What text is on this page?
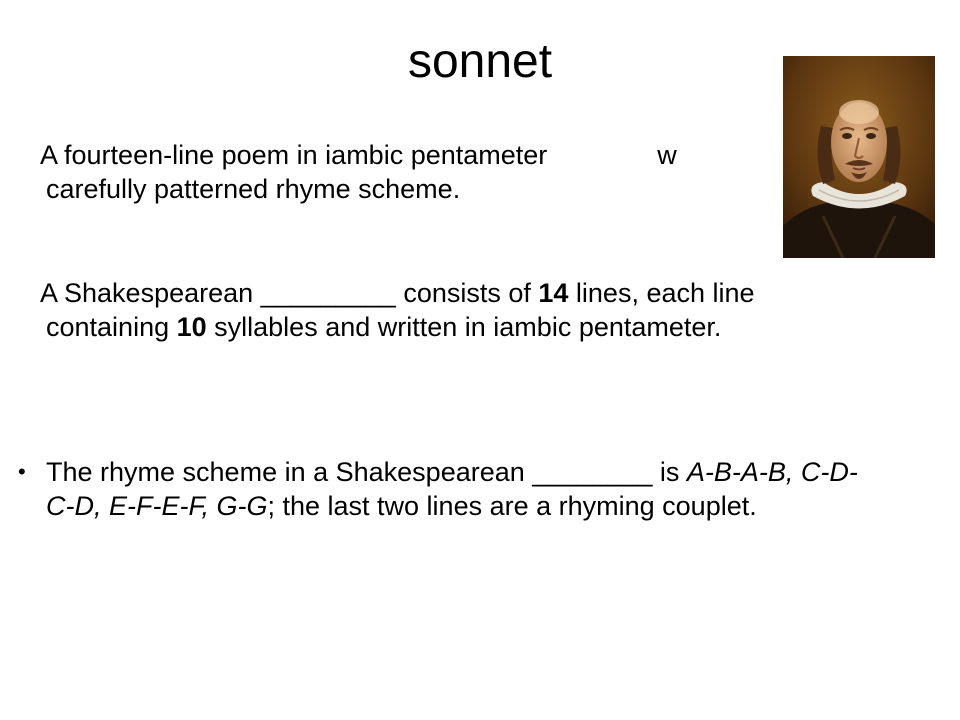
sonnet

A fourteen-line poem in iambic pentameter	w
carefully patterned rhyme scheme.

A Shakespearean _________ consists of 14 lines, each line containing 10 syllables and written in iambic pentameter.

• The rhyme scheme in a Shakespearean ________ is A-B-A-B, C-D-C-D, E-F-E-F, G-G; the last two lines are a rhyming couplet.
